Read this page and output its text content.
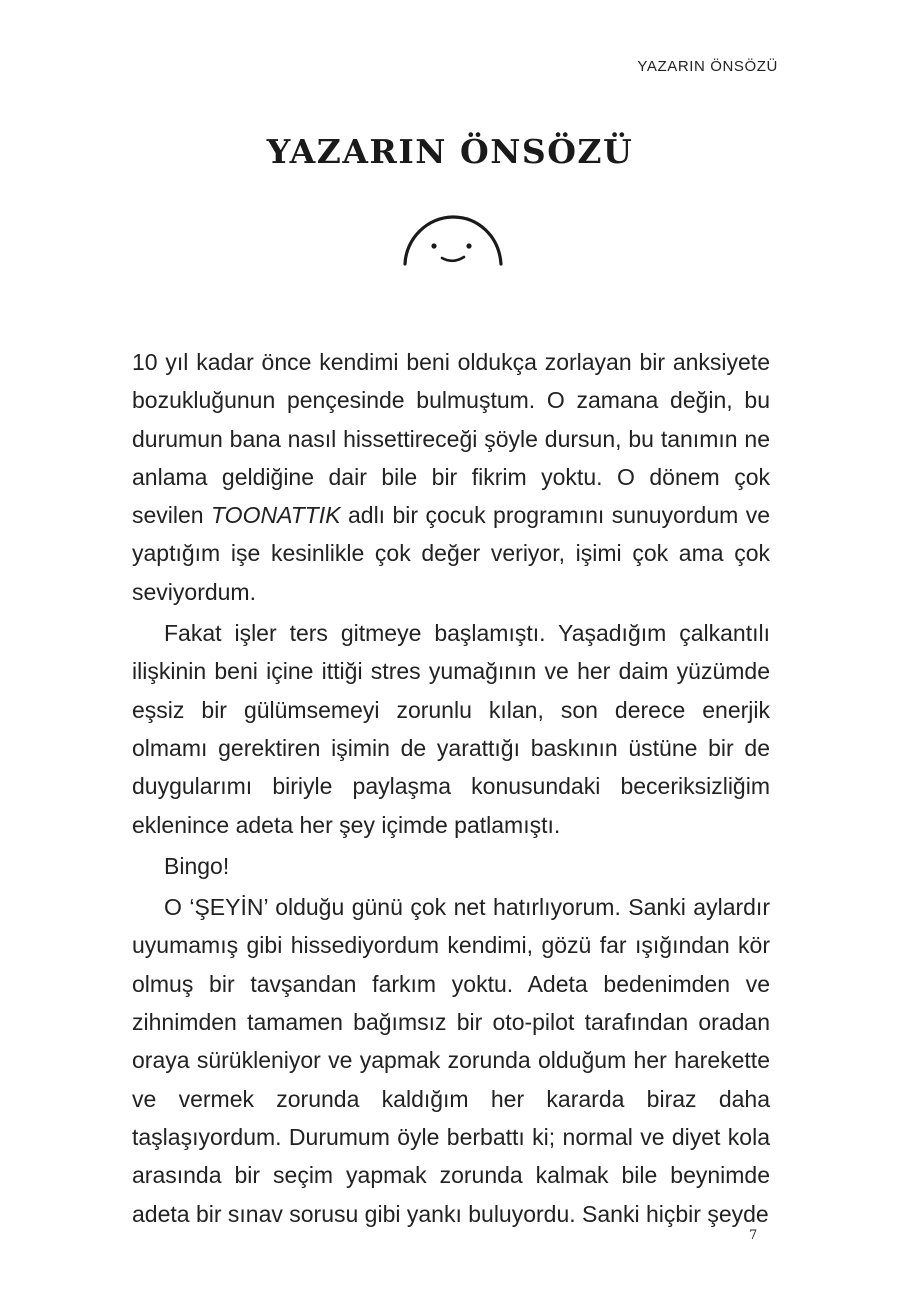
YAZARIN ÖNSÖZÜ
YAZARIN ÖNSÖZÜ

10 yıl kadar önce kendimi beni oldukça zorlayan bir anksiyete bozukluğunun pençesinde bulmuştum. O zamana değin, bu durumun bana nasıl hissettireceği şöyle dursun, bu tanımın ne anlama geldiğine dair bile bir fikrim yoktu. O dönem çok sevilen TOONATTIK adlı bir çocuk programını sunuyordum ve yaptığım işe kesinlikle çok değer veriyor, işimi çok ama çok seviyordum.

Fakat işler ters gitmeye başlamıştı. Yaşadığım çalkantılı ilişkinin beni içine ittiği stres yumağının ve her daim yüzümde eşsiz bir gülümsemeyi zorunlu kılan, son derece enerjik olmamı gerektiren işimin de yarattığı baskının üstüne bir de duygularımı biriyle paylaşma konusundaki beceriksizliğim eklenince adeta her şey içimde patlamıştı.

Bingo!

O ‘ŞEYİN’ olduğu günü çok net hatırlıyorum. Sanki aylardır uyumamış gibi hissediyordum kendimi, gözü far ışığından kör olmuş bir tavşandan farkım yoktu. Adeta bedenimden ve zihnimden tamamen bağımsız bir oto-pilot tarafından oradan oraya sürükleniyor ve yapmak zorunda olduğum her harekette ve vermek zorunda kaldığım her kararda biraz daha taşlaşıyordum. Durumum öyle berbattı ki; normal ve diyet kola arasında bir seçim yapmak zorunda kalmak bile beynimde adeta bir sınav sorusu gibi yankı buluyordu. Sanki hiçbir şeyde

7
